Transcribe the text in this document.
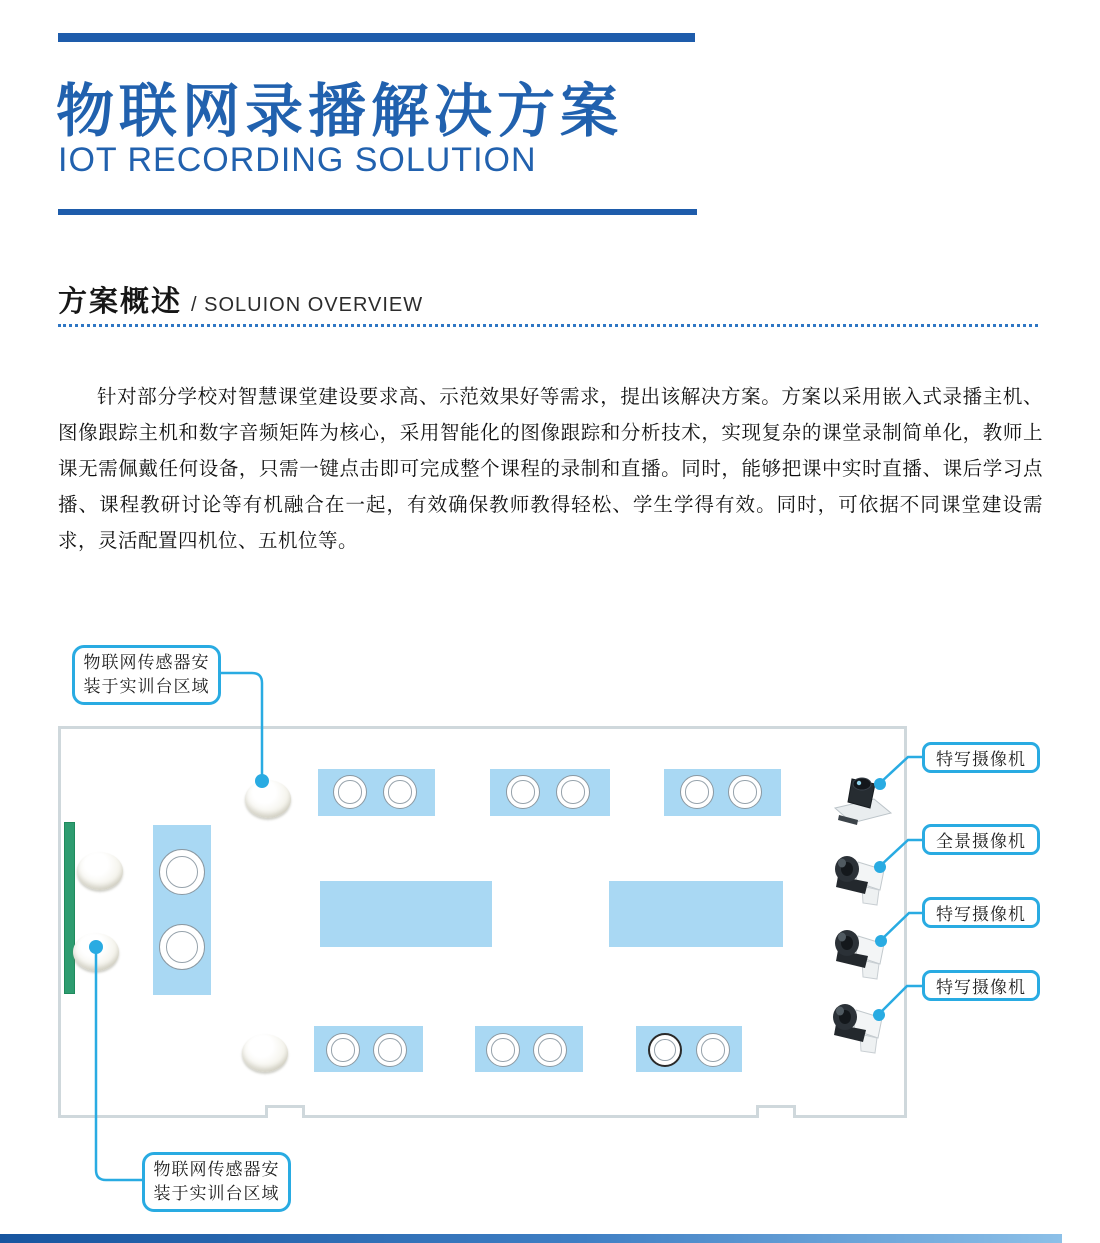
物联网录播解决方案
IOT RECORDING SOLUTION
方案概述 / SOLUION OVERVIEW

针对部分学校对智慧课堂建设要求高、示范效果好等需求，提出该解决方案。方案以采用嵌入式录播主机、图像跟踪主机和数字音频矩阵为核心，采用智能化的图像跟踪和分析技术，实现复杂的课堂录制简单化，教师上课无需佩戴任何设备，只需一键点击即可完成整个课程的录制和直播。同时，能够把课中实时直播、课后学习点播、课程教研讨论等有机融合在一起，有效确保教师教得轻松、学生学得有效。同时，可依据不同课堂建设需求，灵活配置四机位、五机位等。

物联网传感器安装于实训台区域
物联网传感器安装于实训台区域
特写摄像机
全景摄像机
特写摄像机
特写摄像机
